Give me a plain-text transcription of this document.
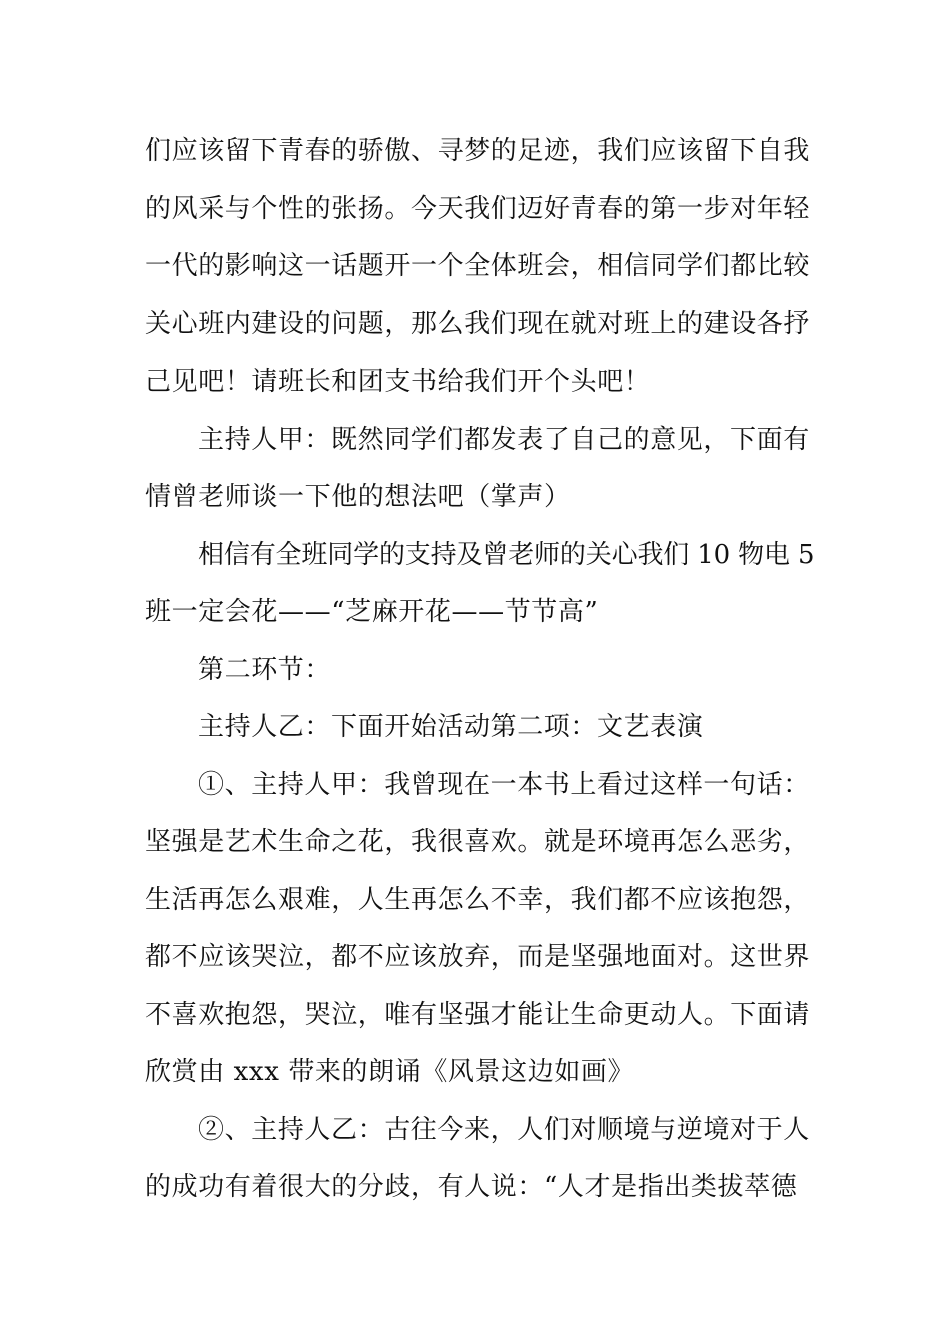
们应该留下青春的骄傲、寻梦的足迹，我们应该留下自我
的风采与个性的张扬。今天我们迈好青春的第一步对年轻
一代的影响这一话题开一个全体班会，相信同学们都比较
关心班内建设的问题，那么我们现在就对班上的建设各抒
己见吧！请班长和团支书给我们开个头吧！
主持人甲：既然同学们都发表了自己的意见，下面有
情曾老师谈一下他的想法吧（掌声）
相信有全班同学的支持及曾老师的关心我们 10 物电 5
班一定会花——“芝麻开花——节节高”
第二环节：
主持人乙：下面开始活动第二项：文艺表演
①、主持人甲：我曾现在一本书上看过这样一句话：
坚强是艺术生命之花，我很喜欢。就是环境再怎么恶劣，
生活再怎么艰难，人生再怎么不幸，我们都不应该抱怨，
都不应该哭泣，都不应该放弃，而是坚强地面对。这世界
不喜欢抱怨，哭泣，唯有坚强才能让生命更动人。下面请
欣赏由 xxx 带来的朗诵《风景这边如画》
②、主持人乙：古往今来，人们对顺境与逆境对于人
的成功有着很大的分歧，有人说：“人才是指出类拔萃德
